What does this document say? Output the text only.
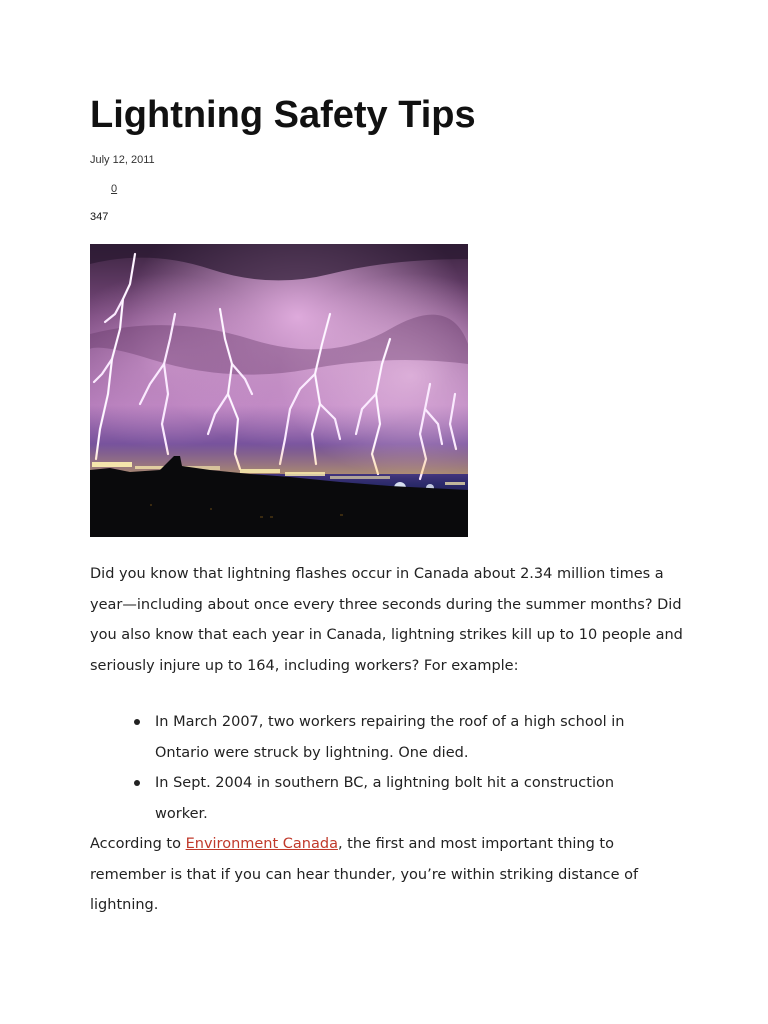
Lightning Safety Tips
July 12, 2011
0
347
Did you know that lightning flashes occur in Canada about 2.34 million times a year—including about once every three seconds during the summer months? Did you also know that each year in Canada, lightning strikes kill up to 10 people and seriously injure up to 164, including workers? For example:
In March 2007, two workers repairing the roof of a high school in Ontario were struck by lightning. One died.
In Sept. 2004 in southern BC, a lightning bolt hit a construction worker.
According to Environment Canada, the first and most important thing to remember is that if you can hear thunder, you’re within striking distance of lightning.
